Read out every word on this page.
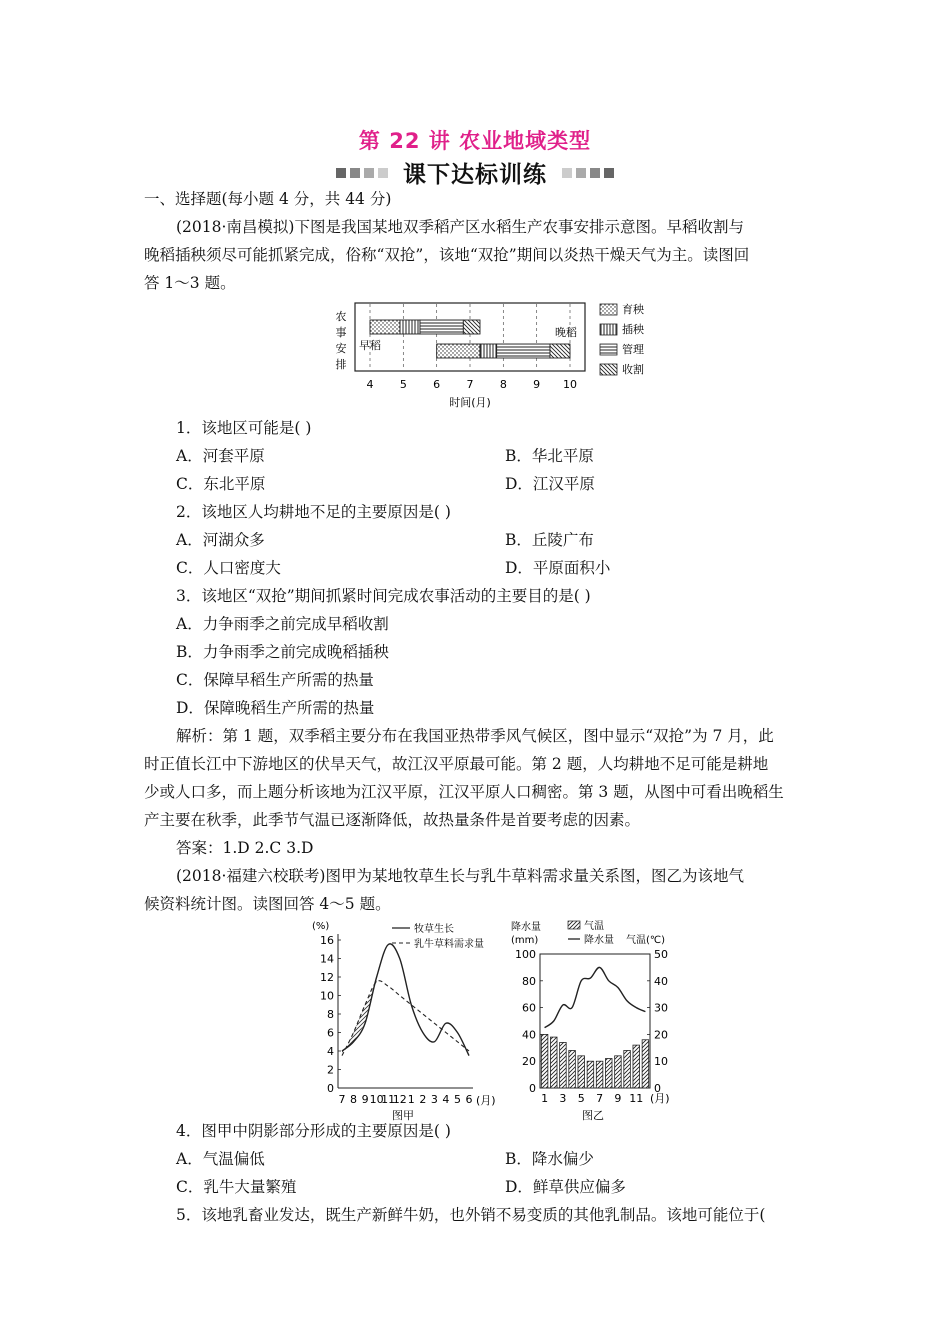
第 22 讲 农业地域类型
课下达标训练
一、选择题(每小题 4 分，共 44 分)
(2018·南昌模拟)下图是我国某地双季稻产区水稻生产农事安排示意图。早稻收割与
晚稻插秧须尽可能抓紧完成，俗称“双抢”，该地“双抢”期间以炎热干燥天气为主。读图回
答 1～3 题。
4 5 6 7 8 9 10
农
事
安
排
早稻
晚稻
时间(月)
育秧
插秧
管理
收割
1．该地区可能是( )
A．河套平原	B．华北平原
C．东北平原	D．江汉平原
2．该地区人均耕地不足的主要原因是( )
A．河湖众多	B．丘陵广布
C．人口密度大	D．平原面积小
3．该地区“双抢”期间抓紧时间完成农事活动的主要目的是( )
A．力争雨季之前完成早稻收割
B．力争雨季之前完成晚稻插秧
C．保障早稻生产所需的热量
D．保障晚稻生产所需的热量
解析：第 1 题，双季稻主要分布在我国亚热带季风气候区，图中显示“双抢”为 7 月，此
时正值长江中下游地区的伏旱天气，故江汉平原最可能。第 2 题，人均耕地不足可能是耕地
少或人口多，而上题分析该地为江汉平原，江汉平原人口稠密。第 3 题，从图中可看出晚稻生
产主要在秋季，此季节气温已逐渐降低，故热量条件是首要考虑的因素。
答案：1.D 2.C 3.D
(2018·福建六校联考)图甲为某地牧草生长与乳牛草料需求量关系图，图乙为该地气
候资料统计图。读图回答 4～5 题。
(%)
0
2
4
6
8
10
12
14
16
7 8 9 10
11
12 1 2 3 4 5 6
牧草生长
乳牛草料需求量
(月)
图甲
降水量
(mm)
气温
降水量 气温(℃)
0
20
40
60
80
100
0
10
20
30
40
50
1 3 5 7 9 11 (月)
图乙
4．图甲中阴影部分形成的主要原因是( )
A．气温偏低	B．降水偏少
C．乳牛大量繁殖	D．鲜草供应偏多
5．该地乳畜业发达，既生产新鲜牛奶，也外销不易变质的其他乳制品。该地可能位于(
